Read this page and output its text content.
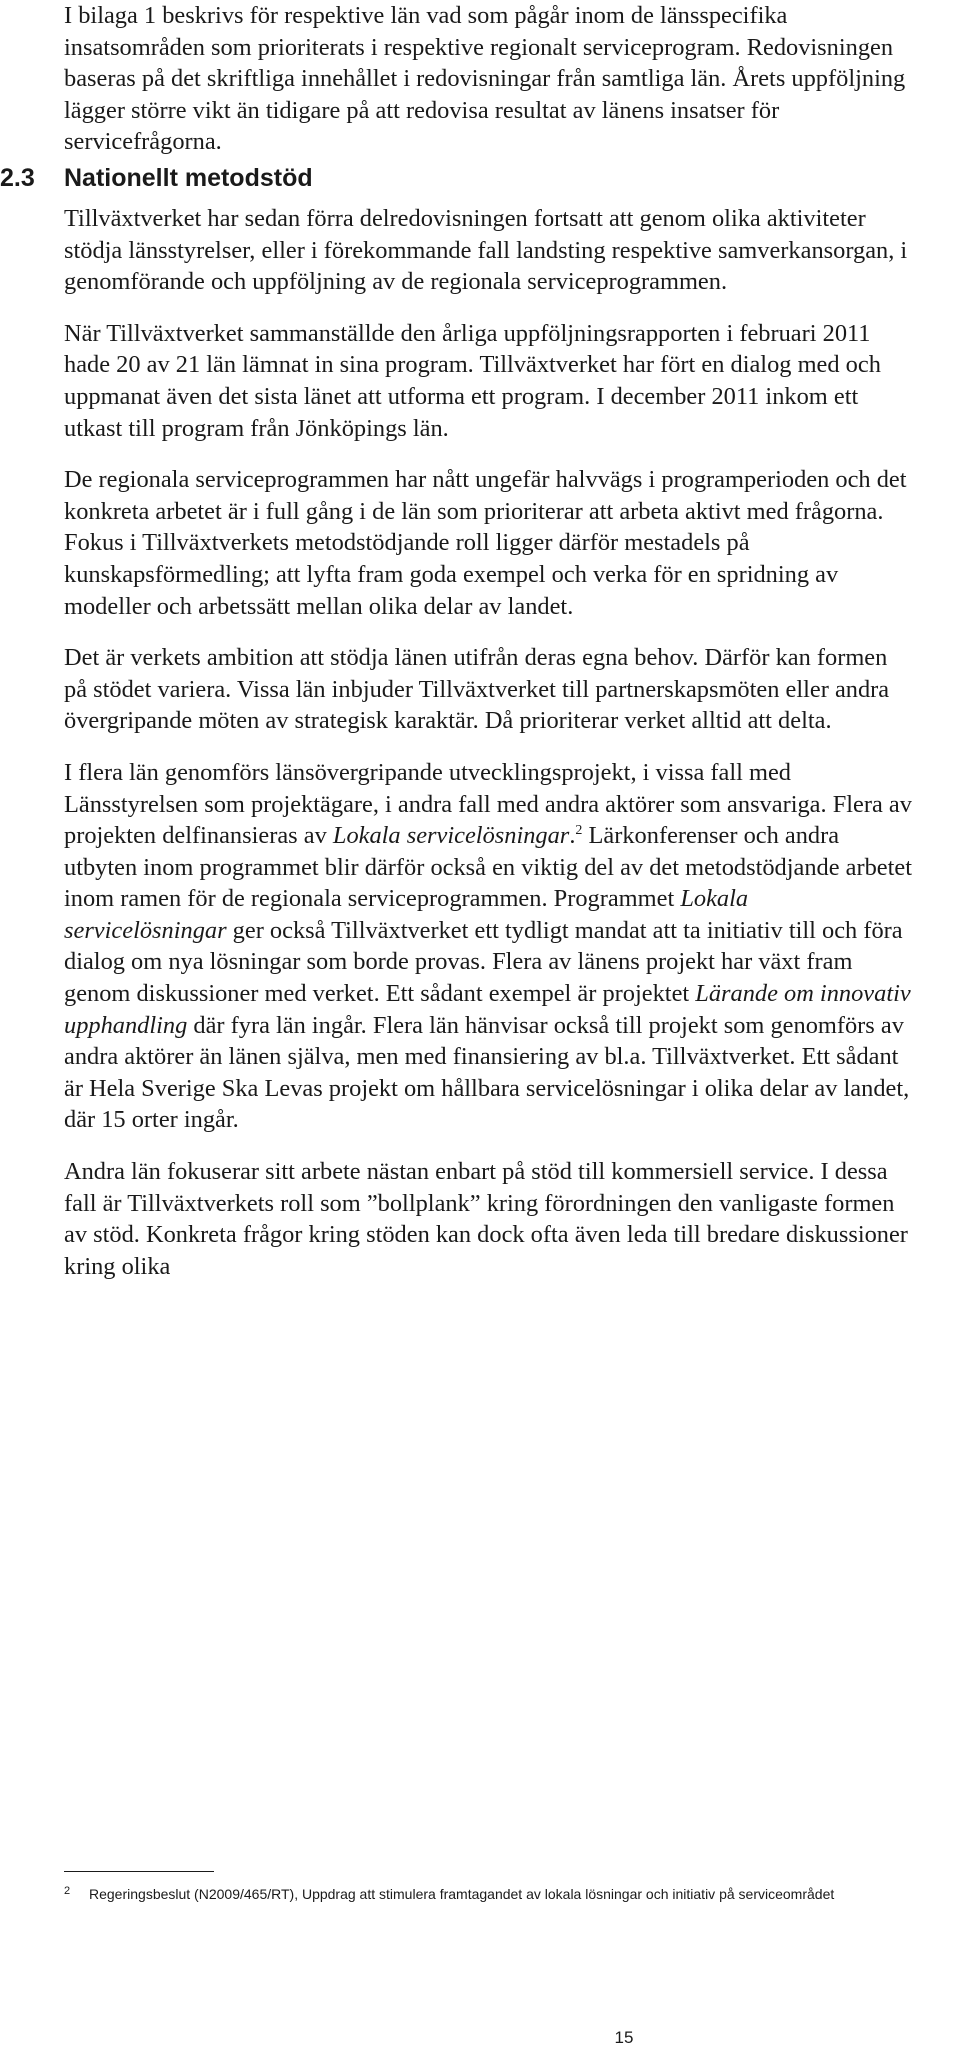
I bilaga 1 beskrivs för respektive län vad som pågår inom de länsspecifika insatsområden som prioriterats i respektive regionalt serviceprogram. Redovisningen baseras på det skriftliga innehållet i redovisningar från samtliga län. Årets uppföljning lägger större vikt än tidigare på att redovisa resultat av länens insatser för servicefrågorna.

2.3 Nationellt metodstöd

Tillväxtverket har sedan förra delredovisningen fortsatt att genom olika aktiviteter stödja länsstyrelser, eller i förekommande fall landsting respektive samverkansorgan, i genomförande och uppföljning av de regionala serviceprogrammen.

När Tillväxtverket sammanställde den årliga uppföljningsrapporten i februari 2011 hade 20 av 21 län lämnat in sina program. Tillväxtverket har fört en dialog med och uppmanat även det sista länet att utforma ett program. I december 2011 inkom ett utkast till program från Jönköpings län.

De regionala serviceprogrammen har nått ungefär halvvägs i programperioden och det konkreta arbetet är i full gång i de län som prioriterar att arbeta aktivt med frågorna. Fokus i Tillväxtverkets metodstödjande roll ligger därför mestadels på kunskapsförmedling; att lyfta fram goda exempel och verka för en spridning av modeller och arbetssätt mellan olika delar av landet.

Det är verkets ambition att stödja länen utifrån deras egna behov. Därför kan formen på stödet variera. Vissa län inbjuder Tillväxtverket till partnerskapsmöten eller andra övergripande möten av strategisk karaktär. Då prioriterar verket alltid att delta.

I flera län genomförs länsövergripande utvecklingsprojekt, i vissa fall med Länsstyrelsen som projektägare, i andra fall med andra aktörer som ansvariga. Flera av projekten delfinansieras av Lokala servicelösningar.$^2$ Lärkonferenser och andra utbyten inom programmet blir därför också en viktig del av det metodstödjande arbetet inom ramen för de regionala serviceprogrammen. Programmet Lokala servicelösningar ger också Tillväxtverket ett tydligt mandat att ta initiativ till och föra dialog om nya lösningar som borde provas. Flera av länens projekt har växt fram genom diskussioner med verket. Ett sådant exempel är projektet Lärande om innovativ upphandling där fyra län ingår. Flera län hänvisar också till projekt som genomförs av andra aktörer än länen själva, men med finansiering av bl.a. Tillväxtverket. Ett sådant är Hela Sverige Ska Levas projekt om hållbara servicelösningar i olika delar av landet, där 15 orter ingår.

Andra län fokuserar sitt arbete nästan enbart på stöd till kommersiell service. I dessa fall är Tillväxtverkets roll som ”bollplank” kring förordningen den vanligaste formen av stöd. Konkreta frågor kring stöden kan dock ofta även leda till bredare diskussioner kring olika

2 Regeringsbeslut (N2009/465/RT), Uppdrag att stimulera framtagandet av lokala lösningar och initiativ på serviceområdet
15
